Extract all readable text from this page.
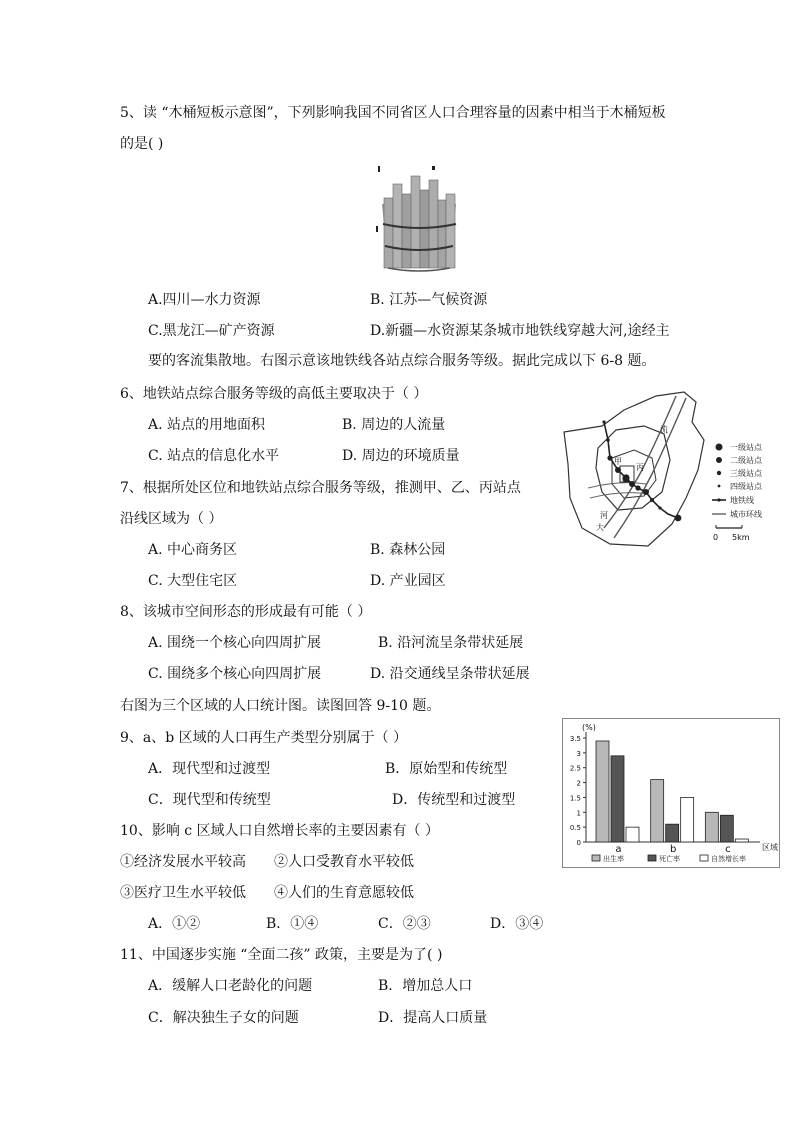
5、读 “木桶短板示意图”，下列影响我国不同省区人口合理容量的因素中相当于木桶短板
的是( )
A.四川—水力资源	B. 江苏—气候资源
C.黑龙江—矿产资源	D.新疆—水资源某条城市地铁线穿越大河,途经主
要的客流集散地。右图示意该地铁线各站点综合服务等级。据此完成以下 6-8 题。
6、地铁站点综合服务等级的高低主要取决于（ ）
A. 站点的用地面积	B. 周边的人流量
C. 站点的信息化水平	D. 周边的环境质量	甲
乙
丙
流
河
大
一级站点
二级站点
三级站点
四级站点
地铁线
城市环线
0 5km
7、根据所处区位和地铁站点综合服务等级，推测甲、乙、丙站点
沿线区域为（ ）
A. 中心商务区	B. 森林公园
C. 大型住宅区	D. 产业园区
8、该城市空间形态的形成最有可能（ ）
A. 围绕一个核心向四周扩展	B. 沿河流呈条带状延展
C. 围绕多个核心向四周扩展	D. 沿交通线呈条带状延展
右图为三个区域的人口统计图。读图回答 9-10 题。
(%)
0
0.5
1
1.5
2
2.5
3
3.5
a	b	c	区域
出生率	死亡率	自然增长率
9、a、b 区域的人口再生产类型分别属于（ ）
A．现代型和过渡型	B．原始型和传统型
C．现代型和传统型	D．传统型和过渡型
10、影响 c 区域人口自然增长率的主要因素有（ ）
①经济发展水平较高 ②人口受教育水平较低
③医疗卫生水平较低 ④人们的生育意愿较低
A．①②	B．①④	C．②③	D．③④
11、中国逐步实施 “全面二孩” 政策，主要是为了( )
A．缓解人口老龄化的问题	B．增加总人口
C．解决独生子女的问题	D．提高人口质量
